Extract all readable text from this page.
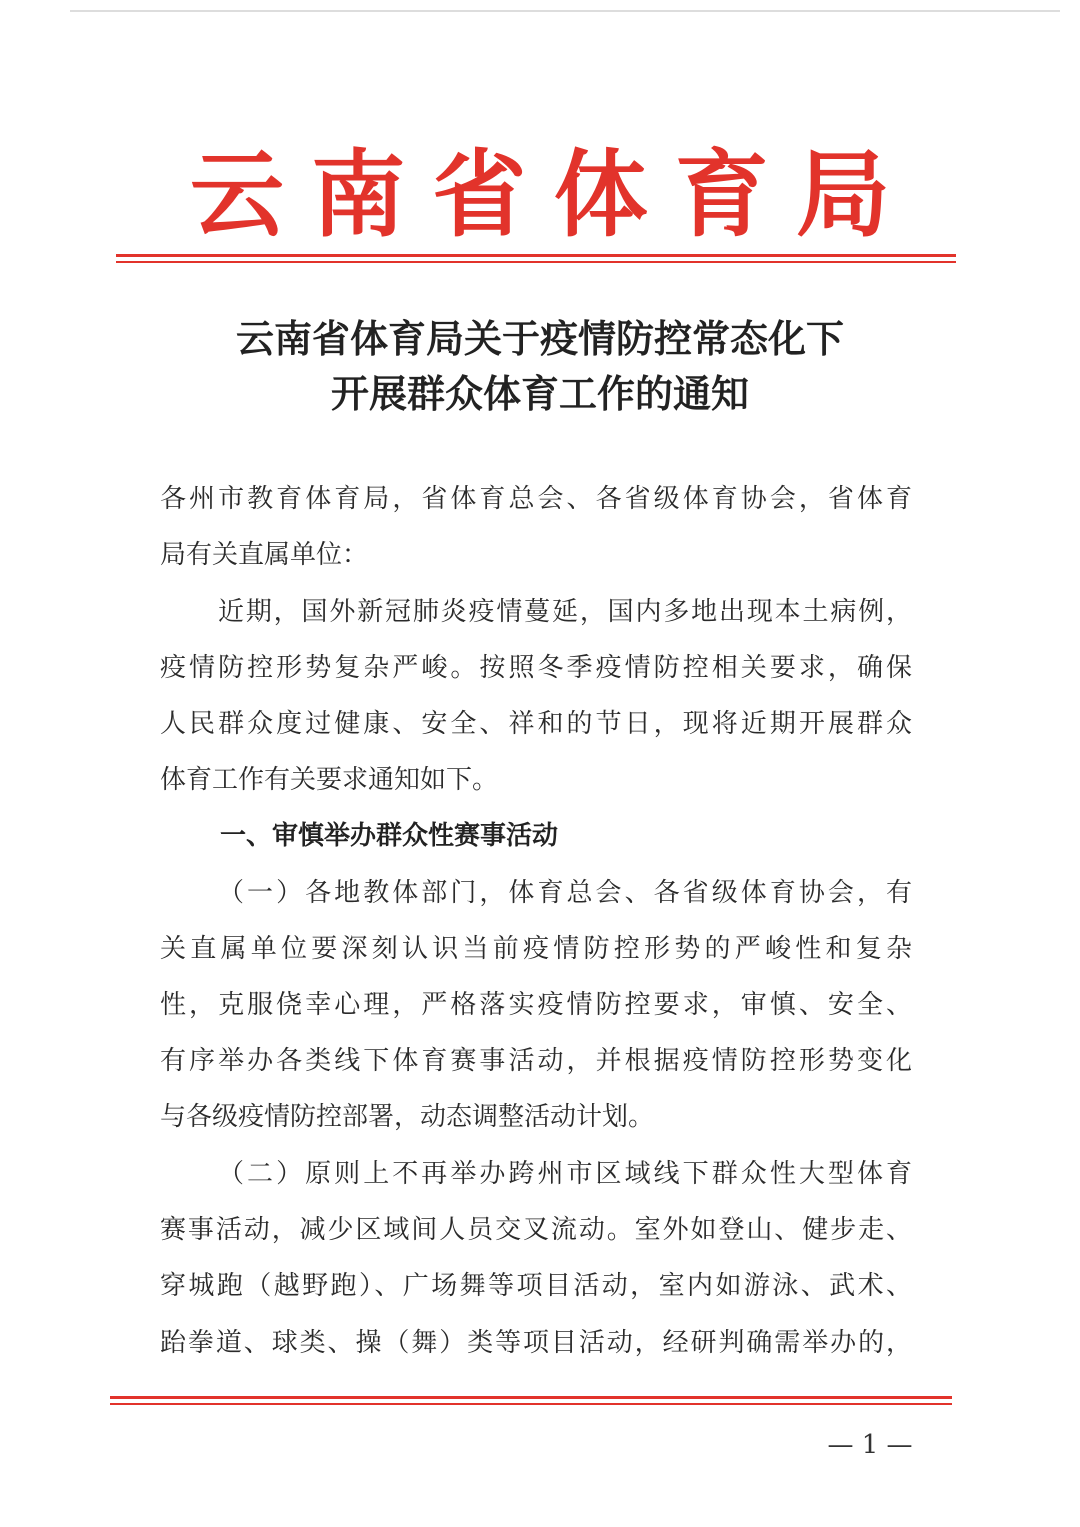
云 南 省 体 育 局
云南省体育局关于疫情防控常态化下
开展群众体育工作的通知
各州市教育体育局，省体育总会、各省级体育协会，省体育
局有关直属单位：
近期，国外新冠肺炎疫情蔓延，国内多地出现本土病例，
疫情防控形势复杂严峻。按照冬季疫情防控相关要求，确保
人民群众度过健康、安全、祥和的节日，现将近期开展群众
体育工作有关要求通知如下。
一、审慎举办群众性赛事活动
（一）各地教体部门，体育总会、各省级体育协会，有
关直属单位要深刻认识当前疫情防控形势的严峻性和复杂
性，克服侥幸心理，严格落实疫情防控要求，审慎、安全、
有序举办各类线下体育赛事活动，并根据疫情防控形势变化
与各级疫情防控部署，动态调整活动计划。
（二）原则上不再举办跨州市区域线下群众性大型体育
赛事活动，减少区域间人员交叉流动。室外如登山、健步走、
穿城跑（越野跑）、广场舞等项目活动，室内如游泳、武术、
跆拳道、球类、操（舞）类等项目活动，经研判确需举办的，
— 1 —
